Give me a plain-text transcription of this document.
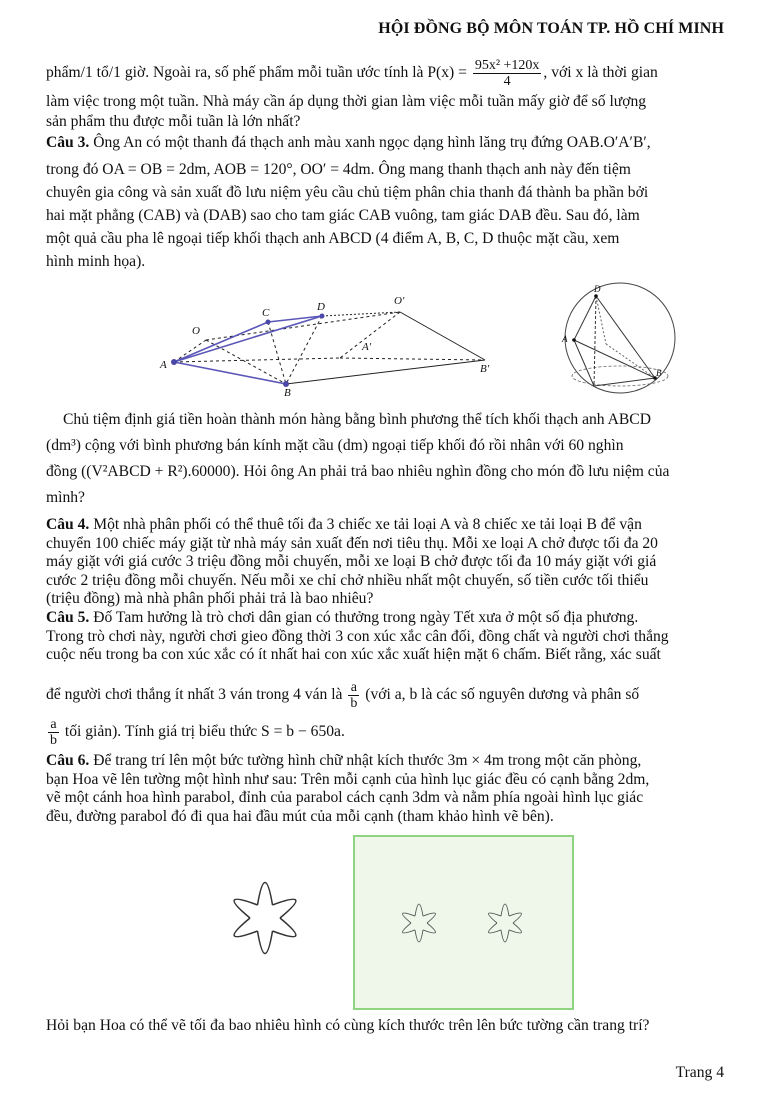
HỘI ĐỒNG BỘ MÔN TOÁN TP. HỒ CHÍ MINH
phẩm/1 tổ/1 giờ. Ngoài ra, số phế phẩm mỗi tuần ước tính là $P(x) = \frac{\text{95x² +120x}}{4}$ , với x là thời gian
làm việc trong một tuần. Nhà máy cần áp dụng thời gian làm việc mỗi tuần mấy giờ để số lượng
sản phẩm thu được mỗi tuần là lớn nhất?
Câu 3. Ông An có một thanh đá thạch anh màu xanh ngọc dạng hình lăng trụ đứng OAB.O′A′B′,
trong đó OA = OB = 2dm, AOB = 120°, OO′ = 4dm. Ông mang thanh thạch anh này đến tiệm
chuyên gia công và sản xuất đồ lưu niệm yêu cầu chủ tiệm phân chia thanh đá thành ba phần bởi
hai mặt phẳng (CAB) và (DAB) sao cho tam giác CAB vuông, tam giác DAB đều. Sau đó, làm
một quả cầu pha lê ngoại tiếp khối thạch anh ABCD (4 điểm A, B, C, D thuộc mặt cầu, xem
hình minh họa).
A
O
C	D	O′
A′
B′
B
D
A
B
Chủ tiệm định giá tiền hoàn thành món hàng bằng bình phương thể tích khối thạch anh ABCD
(dm³) cộng với bình phương bán kính mặt cầu (dm) ngoại tiếp khối đó rồi nhân với 60 nghìn
đồng ((V²ABCD + R²).60000). Hỏi ông An phải trả bao nhiêu nghìn đồng cho món đồ lưu niệm của
mình?
Câu 4. Một nhà phân phối có thể thuê tối đa 3 chiếc xe tải loại A và 8 chiếc xe tải loại B để vận
chuyển 100 chiếc máy giặt từ nhà máy sản xuất đến nơi tiêu thụ. Mỗi xe loại A chở được tối đa 20
máy giặt với giá cước 3 triệu đồng mỗi chuyến, mỗi xe loại B chở được tối đa 10 máy giặt với giá
cước 2 triệu đồng mỗi chuyến. Nếu mỗi xe chỉ chở nhiều nhất một chuyến, số tiền cước tối thiểu
(triệu đồng) mà nhà phân phối phải trả là bao nhiêu?
Câu 5. Đố Tam hưởng là trò chơi dân gian có thưởng trong ngày Tết xưa ở một số địa phương.
Trong trò chơi này, người chơi gieo đồng thời 3 con xúc xắc cân đối, đồng chất và người chơi thắng
cuộc nếu trong ba con xúc xắc có ít nhất hai con xúc xắc xuất hiện mặt 6 chấm. Biết rằng, xác suất
để người chơi thắng ít nhất 3 ván trong 4 ván là $\frac{a}{b}$ (với a, b là các số nguyên dương và phân số
$\frac{a}{b}$ tối giản). Tính giá trị biểu thức S = b − 650a.
Câu 6. Để trang trí lên một bức tường hình chữ nhật kích thước 3m × 4m trong một căn phòng,
bạn Hoa vẽ lên tường một hình như sau: Trên mỗi cạnh của hình lục giác đều có cạnh bằng 2dm,
vẽ một cánh hoa hình parabol, đỉnh của parabol cách cạnh 3dm và nằm phía ngoài hình lục giác
đều, đường parabol đó đi qua hai đầu mút của mỗi cạnh (tham khảo hình vẽ bên).
Hỏi bạn Hoa có thể vẽ tối đa bao nhiêu hình có cùng kích thước trên lên bức tường cần trang trí?
Trang 4
